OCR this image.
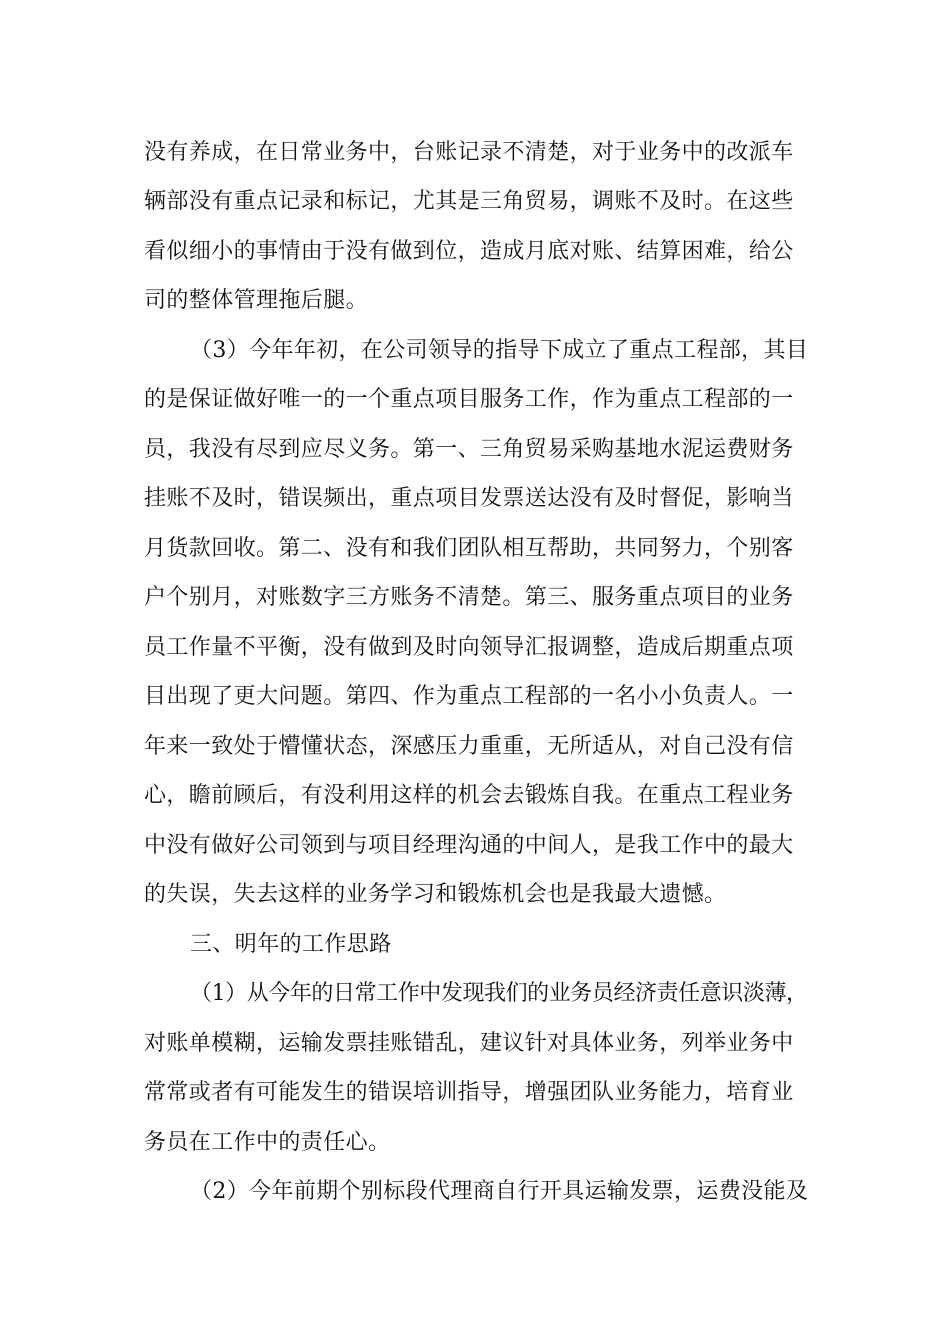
没有养成，在日常业务中，台账记录不清楚，对于业务中的改派车
辆部没有重点记录和标记，尤其是三角贸易，调账不及时。在这些
看似细小的事情由于没有做到位，造成月底对账、结算困难，给公
司的整体管理拖后腿。
（3）今年年初，在公司领导的指导下成立了重点工程部，其目
的是保证做好唯一的一个重点项目服务工作，作为重点工程部的一
员，我没有尽到应尽义务。第一、三角贸易采购基地水泥运费财务
挂账不及时，错误频出，重点项目发票送达没有及时督促，影响当
月货款回收。第二、没有和我们团队相互帮助，共同努力，个别客
户个别月，对账数字三方账务不清楚。第三、服务重点项目的业务
员工作量不平衡，没有做到及时向领导汇报调整，造成后期重点项
目出现了更大问题。第四、作为重点工程部的一名小小负责人。一
年来一致处于懵懂状态，深感压力重重，无所适从，对自己没有信
心，瞻前顾后，有没利用这样的机会去锻炼自我。在重点工程业务
中没有做好公司领到与项目经理沟通的中间人，是我工作中的最大
的失误，失去这样的业务学习和锻炼机会也是我最大遗憾。
三、明年的工作思路
（1）从今年的日常工作中发现我们的业务员经济责任意识淡薄，
对账单模糊，运输发票挂账错乱，建议针对具体业务，列举业务中
常常或者有可能发生的错误培训指导，增强团队业务能力，培育业
务员在工作中的责任心。
（2）今年前期个别标段代理商自行开具运输发票，运费没能及
